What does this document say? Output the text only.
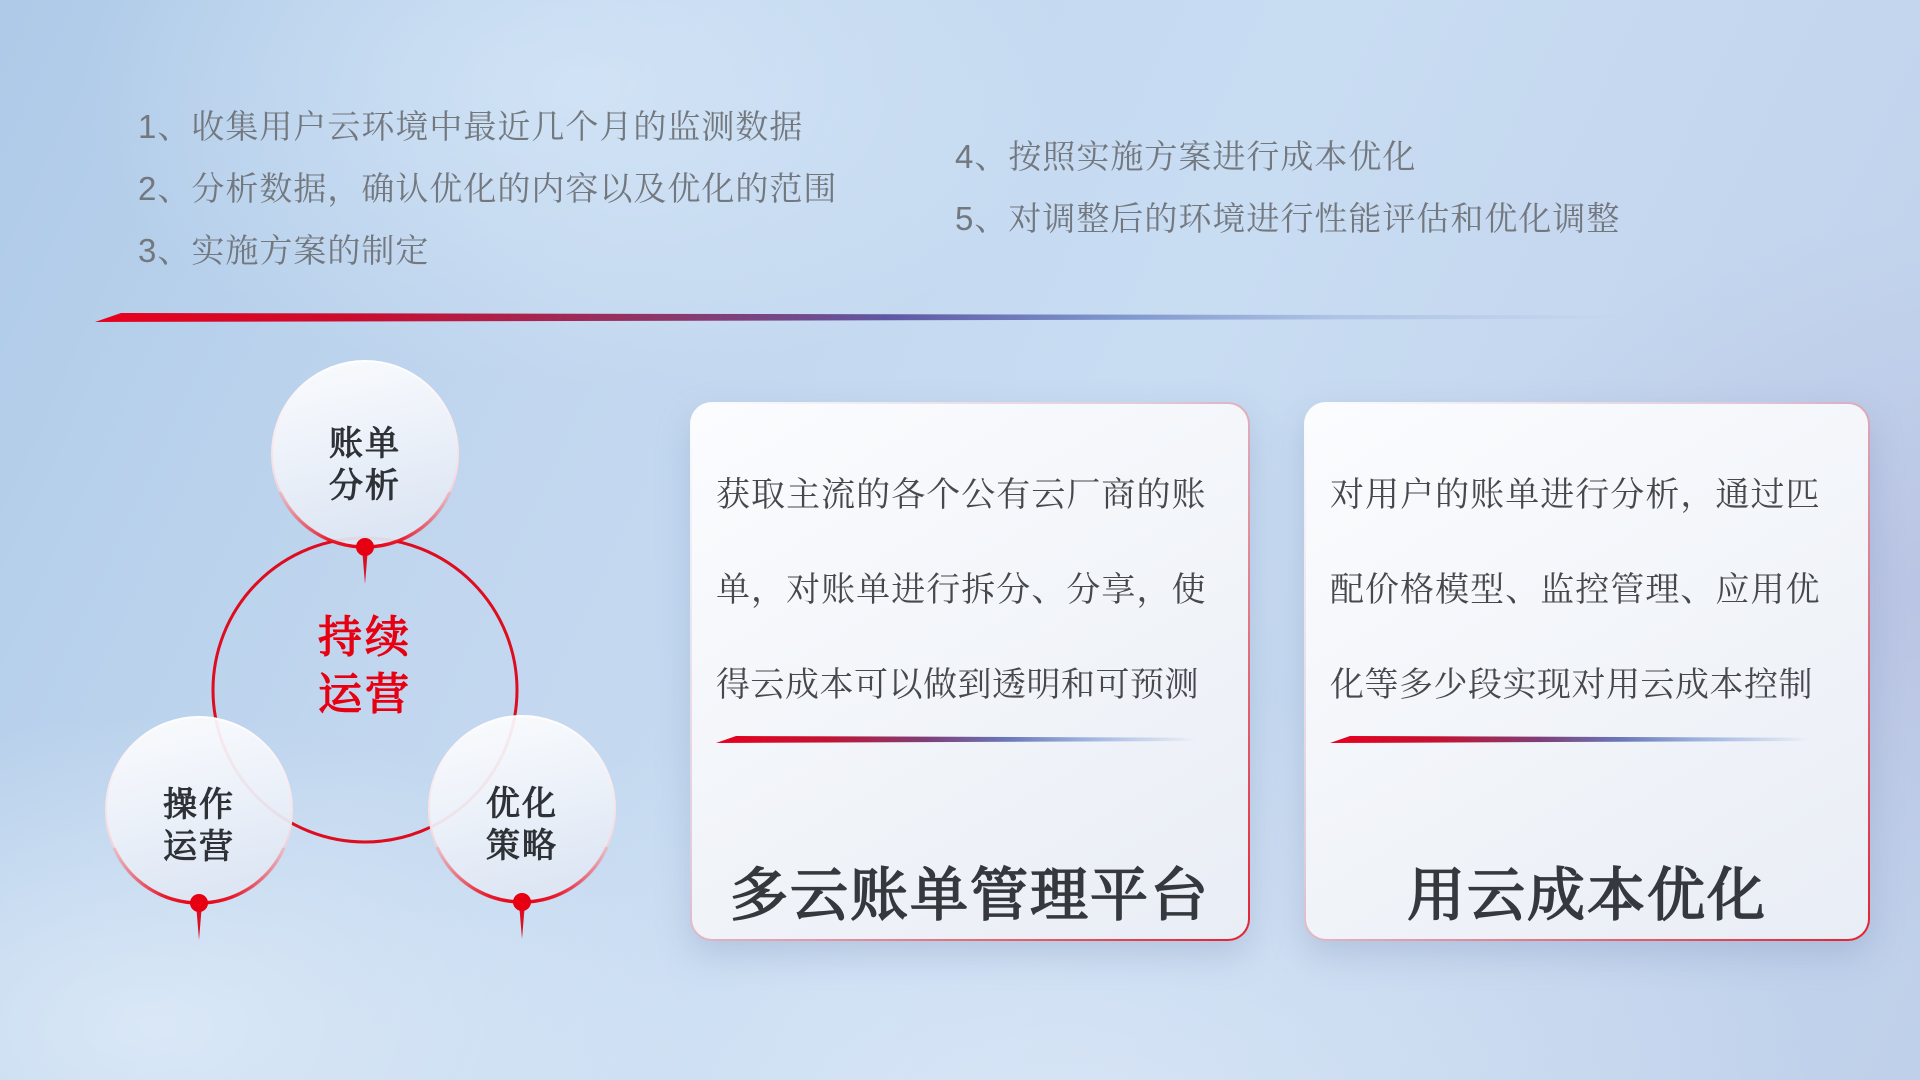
1、收集用户云环境中最近几个月的监测数据
2、分析数据，确认优化的内容以及优化的范围
3、实施方案的制定
4、按照实施方案进行成本优化
5、对调整后的环境进行性能评估和优化调整
账单
分析
操作
运营
优化
策略
持续
运营
获取主流的各个公有云厂商的账单，对账单进行拆分、分享，使得云成本可以做到透明和可预测
多云账单管理平台
对用户的账单进行分析，通过匹配价格模型、监控管理、应用优化等多少段实现对用云成本控制
用云成本优化
